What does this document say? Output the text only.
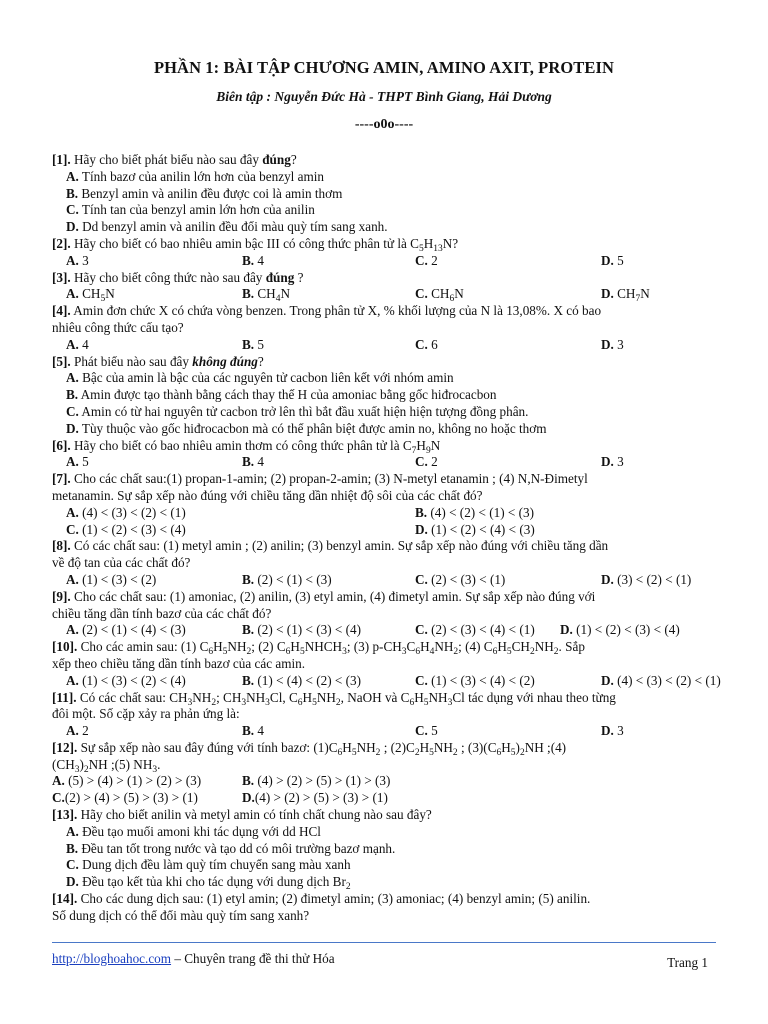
PHẦN 1: BÀI TẬP CHƯƠNG AMIN, AMINO AXIT, PROTEIN
Biên tập : Nguyễn Đức Hà - THPT Bình Giang, Hải Dương
----o0o----
[1]. Hãy cho biết phát biểu nào sau đây đúng?
A. Tính bazơ của anilin lớn hơn của benzyl amin
B. Benzyl amin và anilin đều được coi là amin thơm
C. Tính tan của benzyl amin lớn hơn của anilin
D. Dd benzyl amin và anilin đều đổi màu quỳ tím sang xanh.
[2]. Hãy cho biết có bao nhiêu amin bậc III có công thức phân tử là $C_5H_{13}N$?
A. 3	B. 4	C. 2	D. 5
[3]. Hãy cho biết công thức nào sau đây đúng ?
A. $CH_5N$	B. $CH_4N$	C. $CH_6N$	D. $CH_7N$
[4]. Amin đơn chức X có chứa vòng benzen. Trong phân tử X, % khối lượng của N là 13,08%. X có bao
nhiêu công thức cấu tạo?
A. 4	B. 5	C. 6	D. 3
[5]. Phát biểu nào sau đây không đúng?
A. Bậc của amin là bậc của các nguyên tử cacbon liên kết với nhóm amin
B. Amin được tạo thành bằng cách thay thế H của amoniac bằng gốc hiđrocacbon
C. Amin có từ hai nguyên tử cacbon trở lên thì bắt đầu xuất hiện hiện tượng đồng phân.
D. Tùy thuộc vào gốc hiđrocacbon mà có thể phân biệt được amin no, không no hoặc thơm
[6]. Hãy cho biết có bao nhiêu amin thơm có công thức phân tử là $C_7H_9N$
A. 5	B. 4	C. 2	D. 3
[7]. Cho các chất sau:(1) propan-1-amin; (2) propan-2-amin; (3) N-metyl etanamin ; (4) N,N-Đimetyl
metanamin. Sự sắp xếp nào đúng với chiều tăng dần nhiệt độ sôi của các chất đó?
A. (4) < (3) < (2) < (1)	B. (4) < (2) < (1) < (3)
C. (1) < (2) < (3) < (4)	D. (1) < (2) < (4) < (3)
[8]. Có các chất sau: (1) metyl amin ; (2) anilin; (3) benzyl amin. Sự sắp xếp nào đúng với chiều tăng dần
về độ tan của các chất đó?
A. (1) < (3) < (2)	B. (2) < (1) < (3)	C. (2) < (3) < (1)	D. (3) < (2) < (1)
[9]. Cho các chất sau: (1) amoniac, (2) anilin, (3) etyl amin, (4) đimetyl amin. Sự sắp xếp nào đúng với
chiều tăng dần tính bazơ của các chất đó?
A. (2) < (1) < (4) < (3)	B. (2) < (1) < (3) < (4)	C. (2) < (3) < (4) < (1) D. (1) < (2) < (3) < (4)
[10]. Cho các amin sau: (1) $C_6H_5NH_2$; (2) $C_6H_5NHCH_3$; (3) $p-CH_3C_6H_4NH_2$; (4) $C_6H_5CH_2NH_2$. Sắp
xếp theo chiều tăng dần tính bazơ của các amin.
A. (1) < (3) < (2) < (4)	B. (1) < (4) < (2) < (3)	C. (1) < (3) < (4) < (2)	D. (4) < (3) < (2) < (1)
[11]. Có các chất sau: $CH_3NH_2$; $CH_3NH_3Cl$, $C_6H_5NH_2$, NaOH và $C_6H_5NH_3Cl$ tác dụng với nhau theo từng
đôi một. Số cặp xảy ra phản ứng là:
A. 2	B. 4	C. 5	D. 3
[12]. Sự sắp xếp nào sau đây đúng với tính bazơ: $(1)C_6H_5NH_2$ ; $(2)C_2H_5NH_2$ ; $(3)(C_6H_5)_2NH$ ;(4)
$(CH_3)_2NH$ ;(5) $NH_3$.
A. (5) > (4) > (1) > (2) > (3)	B. (4) > (2) > (5) > (1) > (3)
C.(2) > (4) > (5) > (3) > (1)	D.(4) > (2) > (5) > (3) > (1)
[13]. Hãy cho biết anilin và metyl amin có tính chất chung nào sau đây?
A. Đều tạo muối amoni khi tác dụng với dd HCl
B. Đều tan tốt trong nước và tạo dd có môi trường bazơ mạnh.
C. Dung dịch đều làm quỳ tím chuyển sang màu xanh
D. Đều tạo kết tủa khi cho tác dụng với dung dịch $Br_2$
[14]. Cho các dung dịch sau: (1) etyl amin; (2) đimetyl amin; (3) amoniac; (4) benzyl amin; (5) anilin.
Số dung dịch có thể đổi màu quỳ tím sang xanh?
http://bloghoahoc.com – Chuyên trang đề thi thử Hóa	Trang 1
